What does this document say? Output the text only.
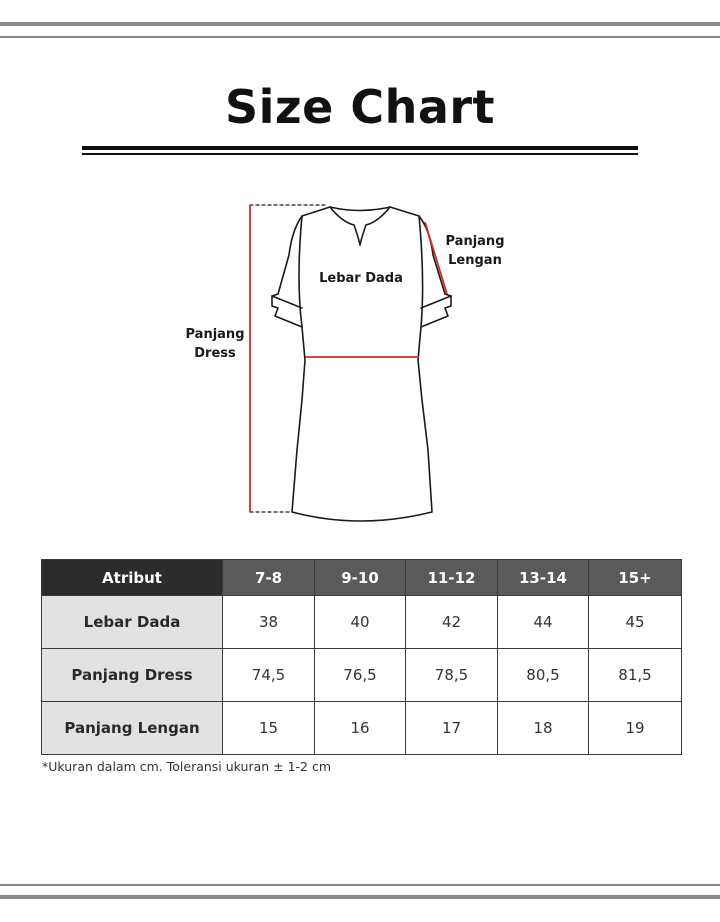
Size Chart
Lebar Dada
Panjang
Lengan
Panjang
Dress
Atribut	7-8	9-10	11-12	13-14	15+
Lebar Dada	38	40	42	44	45
Panjang Dress	74,5	76,5	78,5	80,5	81,5
Panjang Lengan	15	16	17	18	19
*Ukuran dalam cm. Toleransi ukuran ± 1-2 cm
